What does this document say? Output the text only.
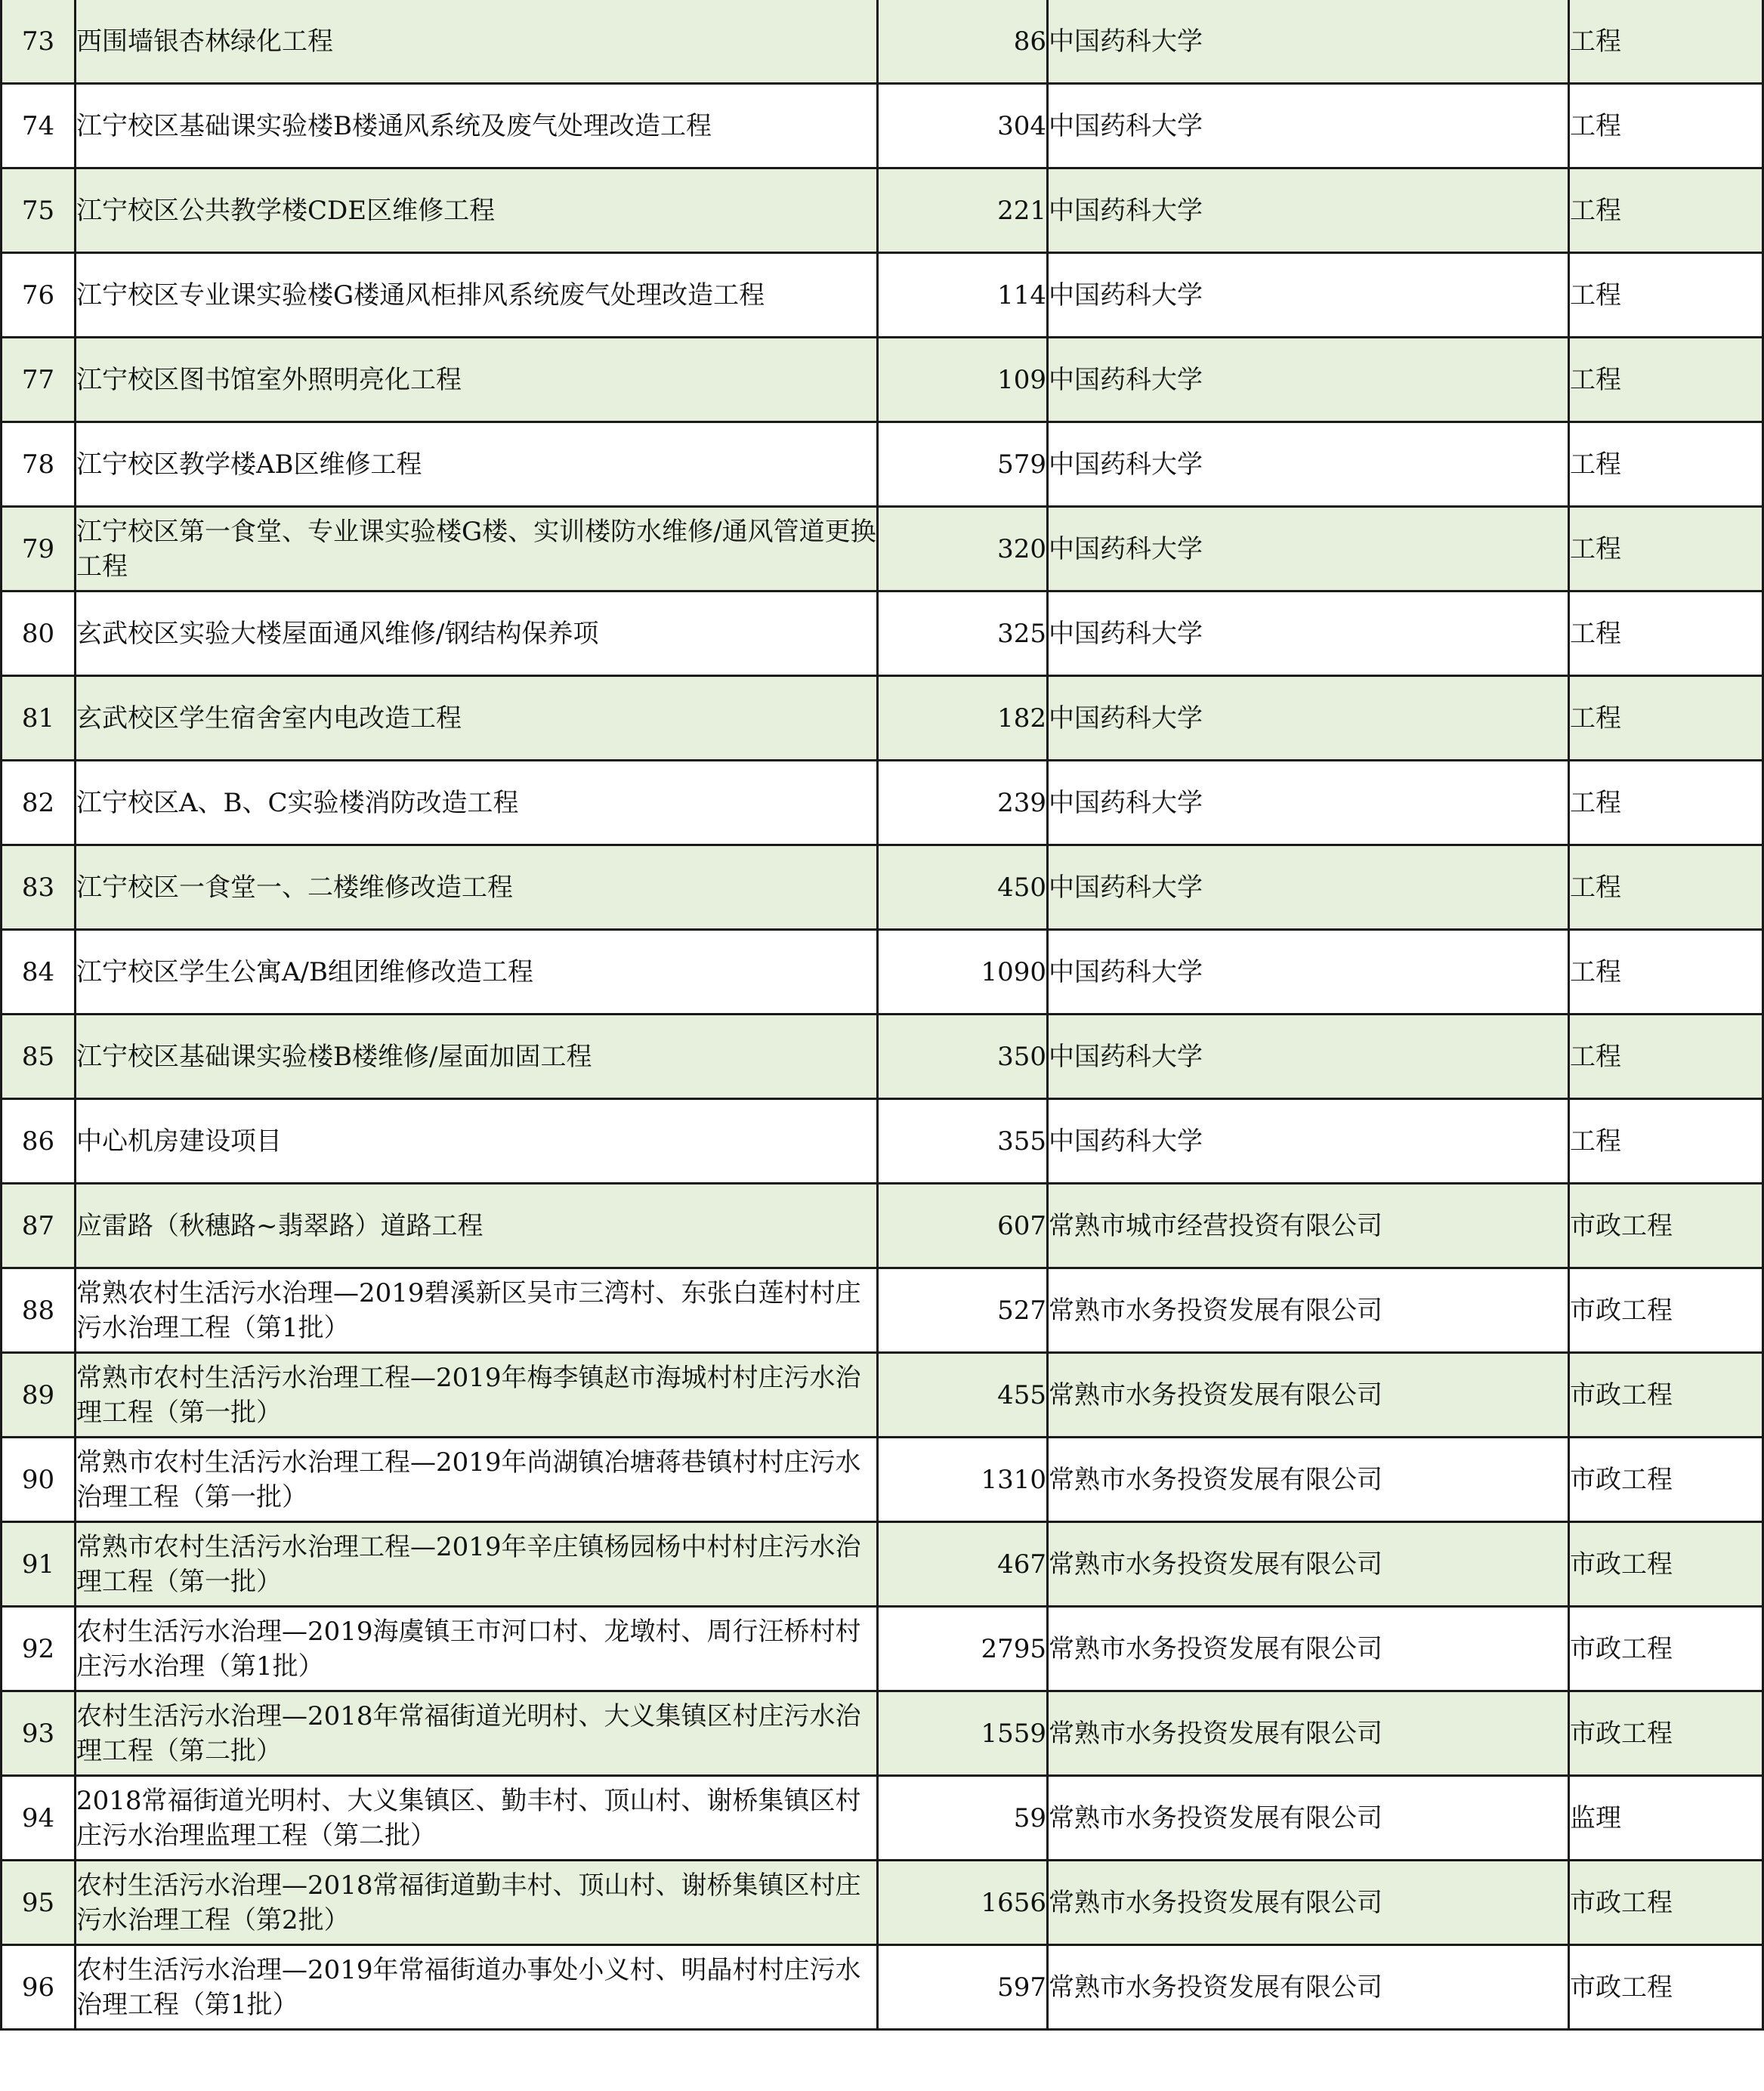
73	西围墙银杏林绿化工程	86	中国药科大学	工程
74	江宁校区基础课实验楼B楼通风系统及废气处理改造工程	304	中国药科大学	工程
75	江宁校区公共教学楼CDE区维修工程	221	中国药科大学	工程
76	江宁校区专业课实验楼G楼通风柜排风系统废气处理改造工程	114	中国药科大学	工程
77	江宁校区图书馆室外照明亮化工程	109	中国药科大学	工程
78	江宁校区教学楼AB区维修工程	579	中国药科大学	工程
79	江宁校区第一食堂、专业课实验楼G楼、实训楼防水维修/通风管道更换工程	320	中国药科大学	工程
80	玄武校区实验大楼屋面通风维修/钢结构保养项	325	中国药科大学	工程
81	玄武校区学生宿舍室内电改造工程	182	中国药科大学	工程
82	江宁校区A、B、C实验楼消防改造工程	239	中国药科大学	工程
83	江宁校区一食堂一、二楼维修改造工程	450	中国药科大学	工程
84	江宁校区学生公寓A/B组团维修改造工程	1090	中国药科大学	工程
85	江宁校区基础课实验楼B楼维修/屋面加固工程	350	中国药科大学	工程
86	中心机房建设项目	355	中国药科大学	工程
87	应雷路（秋穗路~翡翠路）道路工程	607	常熟市城市经营投资有限公司	市政工程
88	常熟农村生活污水治理—2019碧溪新区吴市三湾村、东张白莲村村庄污水治理工程（第1批）	527	常熟市水务投资发展有限公司	市政工程
89	常熟市农村生活污水治理工程—2019年梅李镇赵市海城村村庄污水治理工程（第一批）	455	常熟市水务投资发展有限公司	市政工程
90	常熟市农村生活污水治理工程—2019年尚湖镇冶塘蒋巷镇村村庄污水治理工程（第一批）	1310	常熟市水务投资发展有限公司	市政工程
91	常熟市农村生活污水治理工程—2019年辛庄镇杨园杨中村村庄污水治理工程（第一批）	467	常熟市水务投资发展有限公司	市政工程
92	农村生活污水治理—2019海虞镇王市河口村、龙墩村、周行汪桥村村庄污水治理（第1批）	2795	常熟市水务投资发展有限公司	市政工程
93	农村生活污水治理—2018年常福街道光明村、大义集镇区村庄污水治理工程（第二批）	1559	常熟市水务投资发展有限公司	市政工程
94	2018常福街道光明村、大义集镇区、勤丰村、顶山村、谢桥集镇区村庄污水治理监理工程（第二批）	59	常熟市水务投资发展有限公司	监理
95	农村生活污水治理—2018常福街道勤丰村、顶山村、谢桥集镇区村庄污水治理工程（第2批）	1656	常熟市水务投资发展有限公司	市政工程
96	农村生活污水治理—2019年常福街道办事处小义村、明晶村村庄污水治理工程（第1批）	597	常熟市水务投资发展有限公司	市政工程
